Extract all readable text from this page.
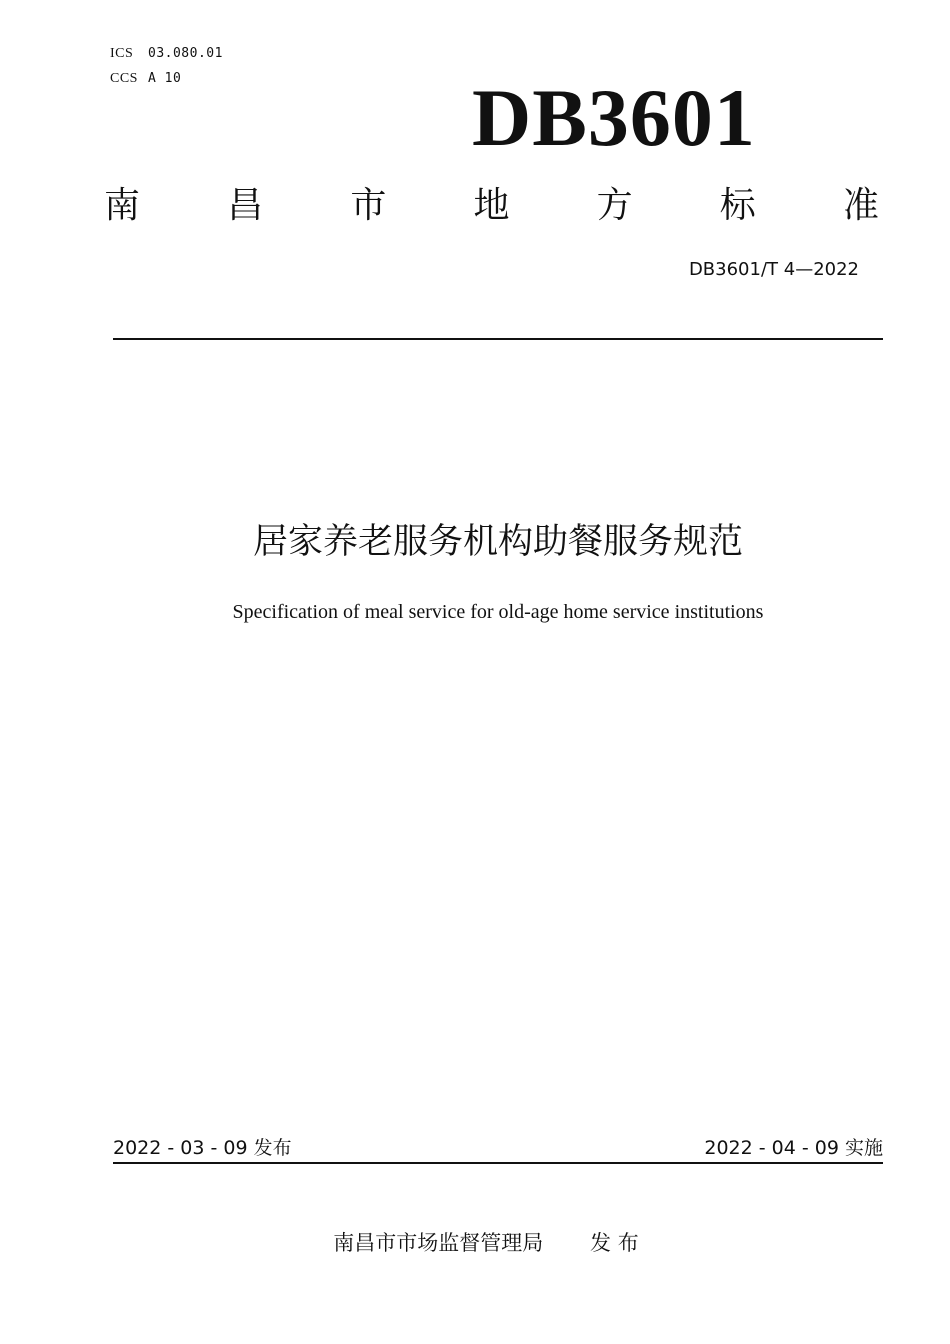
ICS 03.080.01
CCS A 10	DB3601
南 昌 市 地 方 标 准
DB3601/T 4—2022
居家养老服务机构助餐服务规范
Specification of meal service for old-age home service institutions
2022 - 03 - 09 发布	2022 - 04 - 09 实施
南昌市市场监督管理局 发 布
